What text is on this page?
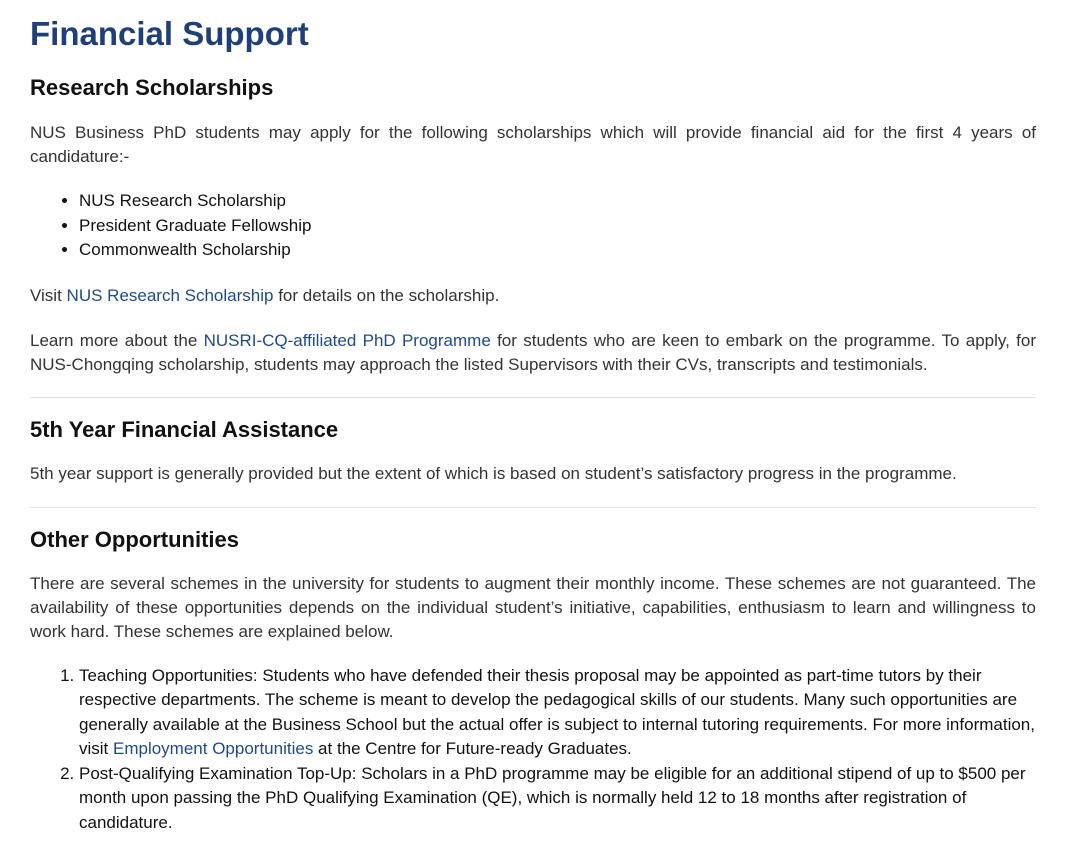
Financial Support
Research Scholarships

NUS Business PhD students may apply for the following scholarships which will provide financial aid for the first 4 years of candidature:-

• NUS Research Scholarship
• President Graduate Fellowship
• Commonwealth Scholarship

Visit NUS Research Scholarship for details on the scholarship.

Learn more about the NUSRI-CQ-affiliated PhD Programme for students who are keen to embark on the programme. To apply, for NUS-Chongqing scholarship, students may approach the listed Supervisors with their CVs, transcripts and testimonials.

5th Year Financial Assistance

5th year support is generally provided but the extent of which is based on student’s satisfactory progress in the programme.

Other Opportunities

There are several schemes in the university for students to augment their monthly income. These schemes are not guaranteed. The availability of these opportunities depends on the individual student’s initiative, capabilities, enthusiasm to learn and willingness to work hard. These schemes are explained below.

1. Teaching Opportunities: Students who have defended their thesis proposal may be appointed as part-time tutors by their respective departments. The scheme is meant to develop the pedagogical skills of our students. Many such opportunities are generally available at the Business School but the actual offer is subject to internal tutoring requirements. For more information, visit Employment Opportunities at the Centre for Future-ready Graduates.
2. Post-Qualifying Examination Top-Up: Scholars in a PhD programme may be eligible for an additional stipend of up to $500 per month upon passing the PhD Qualifying Examination (QE), which is normally held 12 to 18 months after registration of candidature.
